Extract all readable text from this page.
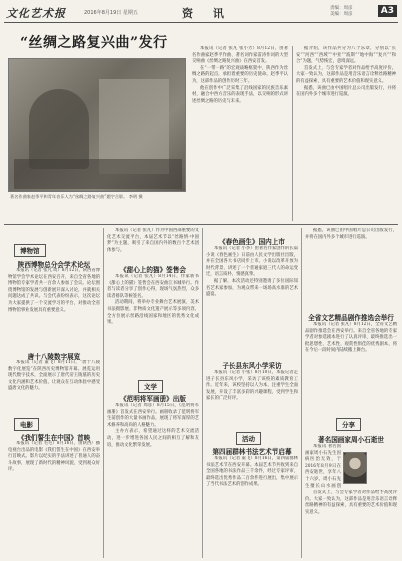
文化艺术报	2016年8月19日 星期五	资 讯	责编：周彦
美编：周彦	A3
“丝绸之路复兴曲”发行
著名作曲家赵季平和青年音乐人为“丝绸之路复兴曲”题字合影。 李明 摄

本报讯（记者 张凡 张小芳）8月12日，由著名作曲家赵季平作曲、著名词作家雷涛作词的大型交响曲《丝绸之路复兴曲》在西安首发。

在“一带一路”的宏观战略框架中，陕西作为丝绸之路的起点，承担着重要的历史使命。赵季平认为，这部作品的创作历时三年。

他在创作中广泛采集了沿线国家的民族音乐素材，融合中西方音乐的表现手法，以交响的形式讲述丝绸之路的历史与未来。

据介绍，该作品共分为八个乐章，分别以“长安”“河西”“西域”“中亚”“波斯”“地中海”“复兴”“和合”为题，气势恢宏，意境深远。

首发式上，与会专家学者对作品给予高度评价。大家一致认为，这部作品是用音乐语言诠释丝路精神的有益探索，具有重要的艺术价值和现实意义。

据悉，该曲已由中国唱片总公司出版发行，并将在国内外多个城市进行巡演。

博物馆
陕西博物总分会学术论坛

本报讯（记者 张凡 周）8月12日，陕西省博物馆学会学术论坛在西安召开，来自全省各地的博物馆专家学者共一百余人参加了会议。论坛围绕博物馆的发展与创新展开深入讨论，并就相关问题达成了共识。与会代表纷纷表示，这次论坛为大家提供了一个交流学习的平台，对推动全省博物馆事业发展具有重要意义。

唐十八陵数字展览

本报讯（记者 董飞）8月11日，“唐十八陵数字化展览”在陕西历史博物馆开幕。展览运用现代数字技术，全面展示了唐代帝王陵墓的历史文化内涵和艺术价值，让观众在互动体验中感受盛唐文化的魅力。

电影
《我们誓生在中国》首映

本报讯（记者 毛毛）8月16日，由陕西广播电视台出品的电影《我们誓生在中国》在西安举行首映式。影片以纪实的手法讲述了普通人的奋斗故事，展现了新时代的精神风貌，受到观众好评。

本报讯（记者 张凡）作为中国西部重要的文化艺术交流平台，本届艺术节以“丝路情·中国梦”为主题，吸引了来自国内外的数百个艺术团体参与。

《甜心上的猫》签售会

本报讯（记者 张凡）8月14日，作家新书《甜心上的猫》签售会在西安曲江书城举行。作者与读者分享了创作心得，现场气氛热烈，众多读者排队等候签名。

活动期间，将举办专业舞台艺术展演、美术书法摄影展、非物质文化遗产展示等多项内容，全方位展示丝路沿线国家和地区的优秀文化成果。

文学
《范明将军画册》出版

本报讯（记者 周彦）8月15日，《范明将军画册》首发式在西安举行。画册收录了范明将军生前创作的大量书画作品，展现了将军深厚的艺术修养和高尚的人格魅力。

主办方表示，希望通过这样的艺术交流活动，进一步增进各国人民之间的相互了解和友谊，推动文化繁荣发展。

《春色画生》国内上市

本报讯（记者 小李）由著名作家创作的长篇小说《春色画生》日前由人民文学出版社出版，并在全国各大书店同步上市。小说以改革开放为时代背景，讲述了一个普通家庭三代人的命运变迁，语言质朴，情感真挚。

据了解，本次活动还特别邀请了多位国际知名艺术家参加，为观众带来一场场高水准的艺术盛宴。

子长县东风小学采访

本报讯（记者 小张）8月10日，本报记者走进子长县东风小学，采访了该校的素质教育工作。近年来，该校坚持以人为本，注重学生全面发展，开设了丰富多彩的兴趣课程，受到学生和家长的广泛好评。

活动
第四届群林书法艺术节启幕

本报讯（记者 董飞）8月16日，第四届群林书法艺术节在西安开幕。本届艺术节共收到来自全国各地的书法作品三千余件，经过专家评审，最终选出优秀作品二百余件进行展出，集中展示了当代书法艺术的创作成果。

据悉，该曲已由中国唱片总公司出版发行，并将在国内外多个城市进行巡演。

全省文艺精品剧作推选会举行

本报讯（记者 张凡）8月12日，全省文艺精品剧作推选会在西安举行。来自全省各地的专家学者对参选剧本进行了认真评审，最终推选出一批思想性、艺术性、观赏性俱佳的优秀剧本，将在今后一段时间内陆续搬上舞台。

分享
著名国画家周小石逝世

本报讯 著名国画家周小石先生因病医治无效，于2016年8月9日在西安逝世，享年八十六岁。周小石先生擅长山水画创

首发式上，与会专家学者对作品给予高度评价。大家一致认为，这部作品是用音乐语言诠释丝路精神的有益探索，具有重要的艺术价值和现实意义。
